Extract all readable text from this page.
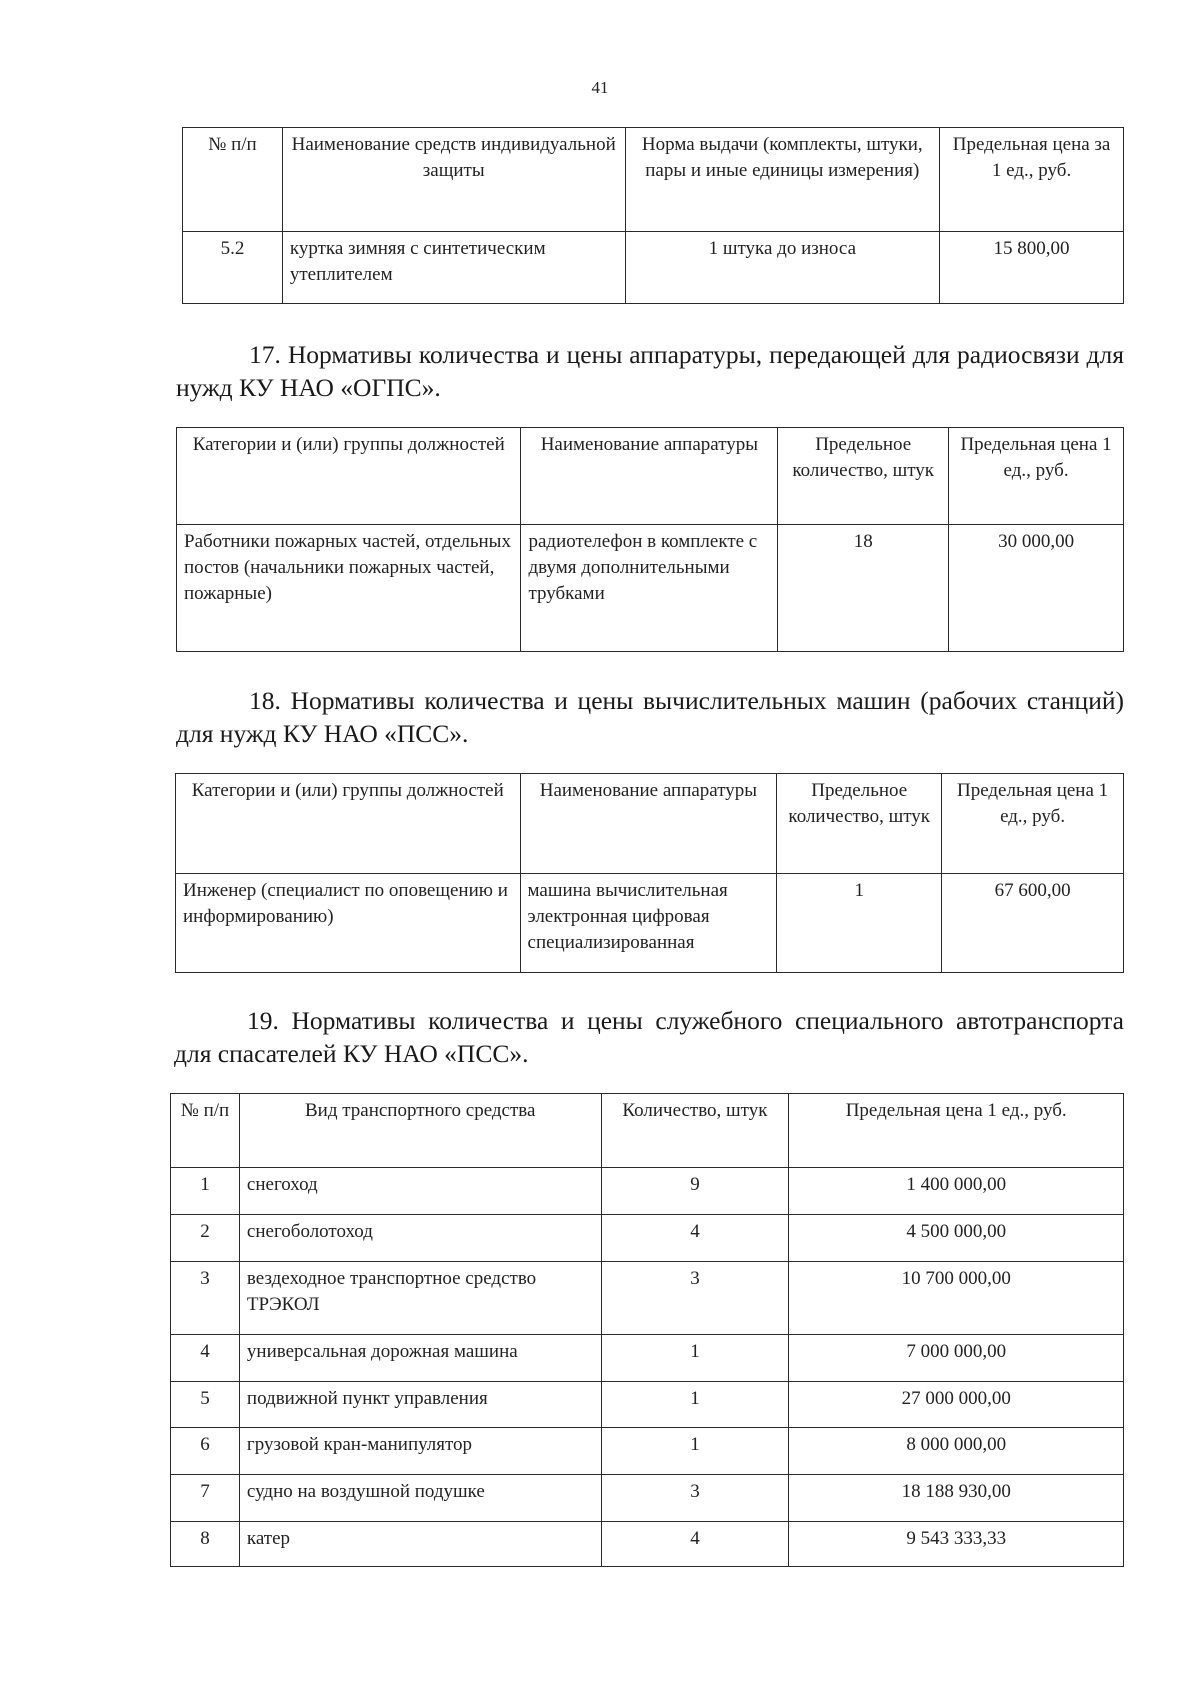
41
№ п/п	Наименование средств индивидуальной защиты	Норма выдачи (комплекты, штуки, пары и иные единицы измерения)	Предельная цена за 1 ед., руб.
5.2	куртка зимняя с синтетическим утеплителем	1 штука до износа	15 800,00

17. Нормативы количества и цены аппаратуры, передающей для радиосвязи для нужд КУ НАО «ОГПС».

Категории и (или) группы должностей	Наименование аппаратуры	Предельное количество, штук	Предельная цена 1 ед., руб.
Работники пожарных частей, отдельных постов (начальники пожарных частей, пожарные)	радиотелефон в комплекте с двумя дополнительными трубками	18	30 000,00

18. Нормативы количества и цены вычислительных машин (рабочих станций) для нужд КУ НАО «ПСС».

Категории и (или) группы должностей	Наименование аппаратуры	Предельное количество, штук	Предельная цена 1 ед., руб.
Инженер (специалист по оповещению и информированию)	машина вычислительная электронная цифровая специализированная	1	67 600,00

19. Нормативы количества и цены служебного специального автотранспорта для спасателей КУ НАО «ПСС».

№ п/п	Вид транспортного средства	Количество, штук	Предельная цена 1 ед., руб.
1	снегоход	9	1 400 000,00
2	снегоболотоход	4	4 500 000,00
3	вездеходное транспортное средство ТРЭКОЛ	3	10 700 000,00
4	универсальная дорожная машина	1	7 000 000,00
5	подвижной пункт управления	1	27 000 000,00
6	грузовой кран-манипулятор	1	8 000 000,00
7	судно на воздушной подушке	3	18 188 930,00
8	катер	4	9 543 333,33
